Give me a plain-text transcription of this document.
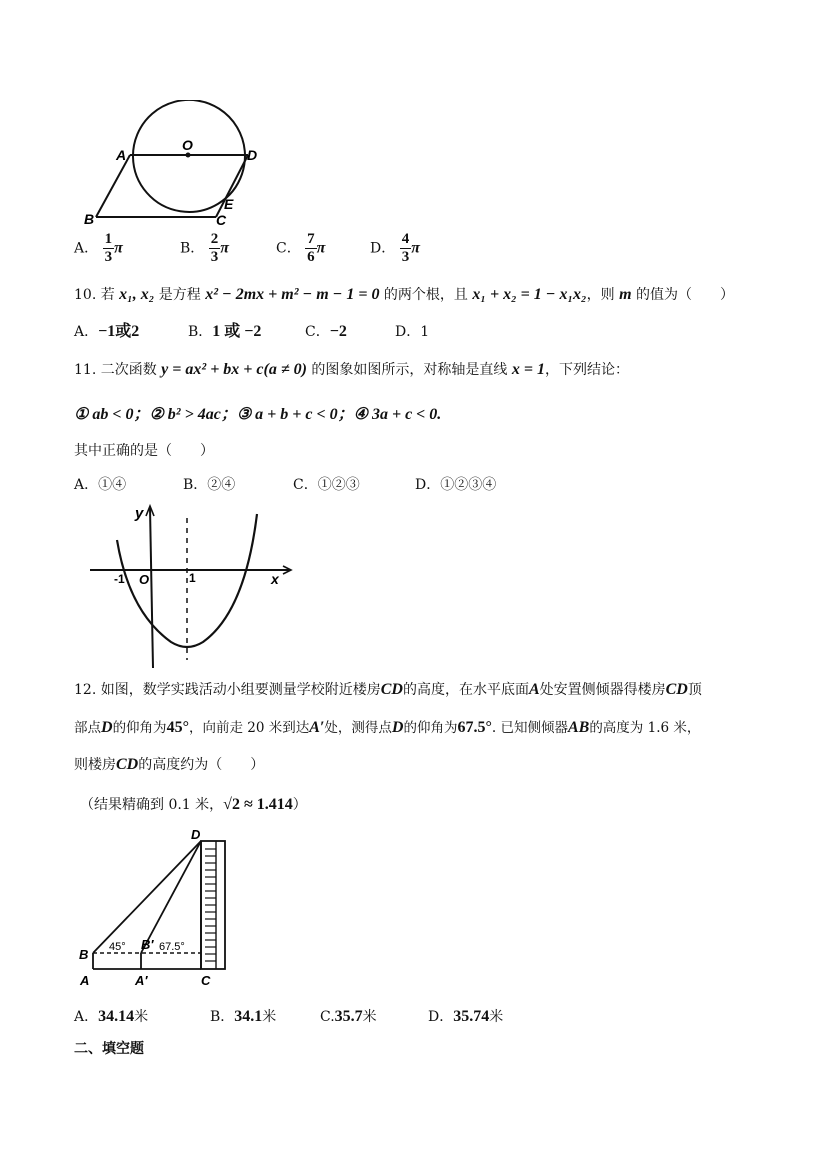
A
O
D
B	C
E
A． $\frac{1}{3}$ π	B． $\frac{2}{3}$ π	C． $\frac{7}{6}$ π	D． $\frac{4}{3}$ π
10. 若 x₁, x₂ 是方程 x² − 2mx + m² − m − 1 = 0 的两个根，且 x₁ + x₂ = 1 − x₁x₂，则 m 的值为（　　）
A．−1或2	B．1 或 −2	C．−2	D．1
11. 二次函数 y = ax² + bx + c(a ≠ 0) 的图象如图所示，对称轴是直线 x = 1，下列结论：
① ab < 0；② b² > 4ac；③ a + b + c < 0；④ 3a + c < 0.
其中正确的是（　　）
A．①④	B．②④	C．①②③	D．①②③④
y
x
-1 O	1
12. 如图，数学实践活动小组要测量学校附近楼房CD的高度，在水平底面A处安置侧倾器得楼房CD顶
部点D的仰角为45°，向前走 20 米到达A′处，测得点D的仰角为67.5°. 已知侧倾器AB的高度为 1.6 米，
则楼房CD的高度约为（　　）
（结果精确到 0.1 米，√2 ≈ 1.414）
D
B
B′
A	A′	C
45°	67.5°
A．34.14米	B．34.1米	C.35.7米	D．35.74米
二、填空题
